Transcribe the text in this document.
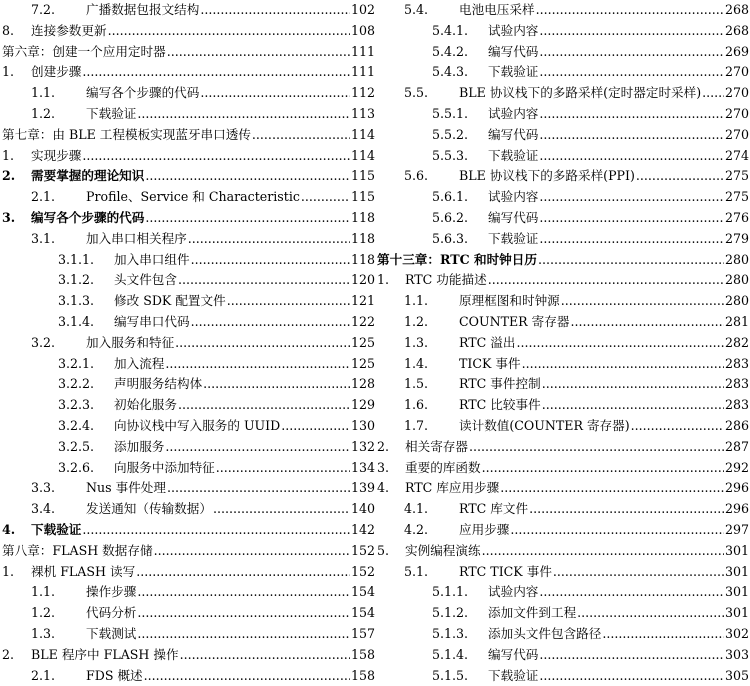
7.2. 广播数据包报文结构 .....	102
8. 连接参数更新 .....	108
第六章：创建一个应用定时器 .....	111
1. 创建步骤 .....	111
1.1. 编写各个步骤的代码 .....	112
1.2. 下载验证 .....	113
第七章：由 BLE 工程模板实现蓝牙串口透传 .....	114
1. 实现步骤 .....	114
2. 需要掌握的理论知识 .....	115
2.1. Profile、Service 和 Characteristic .....	115
3. 编写各个步骤的代码 .....	118
3.1. 加入串口相关程序 .....	118
3.1.1. 加入串口组件 .....	118
3.1.2. 头文件包含 .....	120
3.1.3. 修改 SDK 配置文件 .....	121
3.1.4. 编写串口代码 .....	122
3.2. 加入服务和特征 .....	125
3.2.1. 加入流程 .....	125
3.2.2. 声明服务结构体 .....	128
3.2.3. 初始化服务 .....	129
3.2.4. 向协议栈中写入服务的 UUID .....	130
3.2.5. 添加服务 .....	132
3.2.6. 向服务中添加特征 .....	134
3.3. Nus 事件处理 .....	139
3.4. 发送通知（传输数据） .....	140
4. 下载验证 .....	142
第八章：FLASH 数据存储 .....	152
1. 裸机 FLASH 读写 .....	152
1.1. 操作步骤 .....	154
1.2. 代码分析 .....	154
1.3. 下载测试 .....	157
2. BLE 程序中 FLASH 操作 .....	158
2.1. FDS 概述 .....	158
5.4. 电池电压采样 .....	268
5.4.1. 试验内容 .....	268
5.4.2. 编写代码 .....	269
5.4.3. 下载验证 .....	270
5.5. BLE 协议栈下的多路采样(定时器定时采样) ..... 270
5.5.1. 试验内容 .....	270
5.5.2. 编写代码 .....	270
5.5.3. 下载验证 .....	274
5.6. BLE 协议栈下的多路采样(PPI) .....	275
5.6.1. 试验内容 .....	275
5.6.2. 编写代码 .....	276
5.6.3. 下载验证 .....	279
第十三章：RTC 和时钟日历 .....	280
1. RTC 功能描述 .....	280
1.1. 原理框图和时钟源 .....	280
1.2. COUNTER 寄存器 .....	281
1.3. RTC 溢出 .....	282
1.4. TICK 事件 .....	283
1.5. RTC 事件控制 .....	283
1.6. RTC 比较事件 .....	283
1.7. 读计数值(COUNTER 寄存器) .....	286
2. 相关寄存器 .....	287
3. 重要的库函数 .....	292
4. RTC 库应用步骤 .....	296
4.1. RTC 库文件 .....	296
4.2. 应用步骤 .....	297
5. 实例编程演练 .....	301
5.1. RTC TICK 事件 .....	301
5.1.1. 试验内容 .....	301
5.1.2. 添加文件到工程 .....	301
5.1.3. 添加头文件包含路径 .....	302
5.1.4. 编写代码 .....	303
5.1.5. 下载验证 .....	305
